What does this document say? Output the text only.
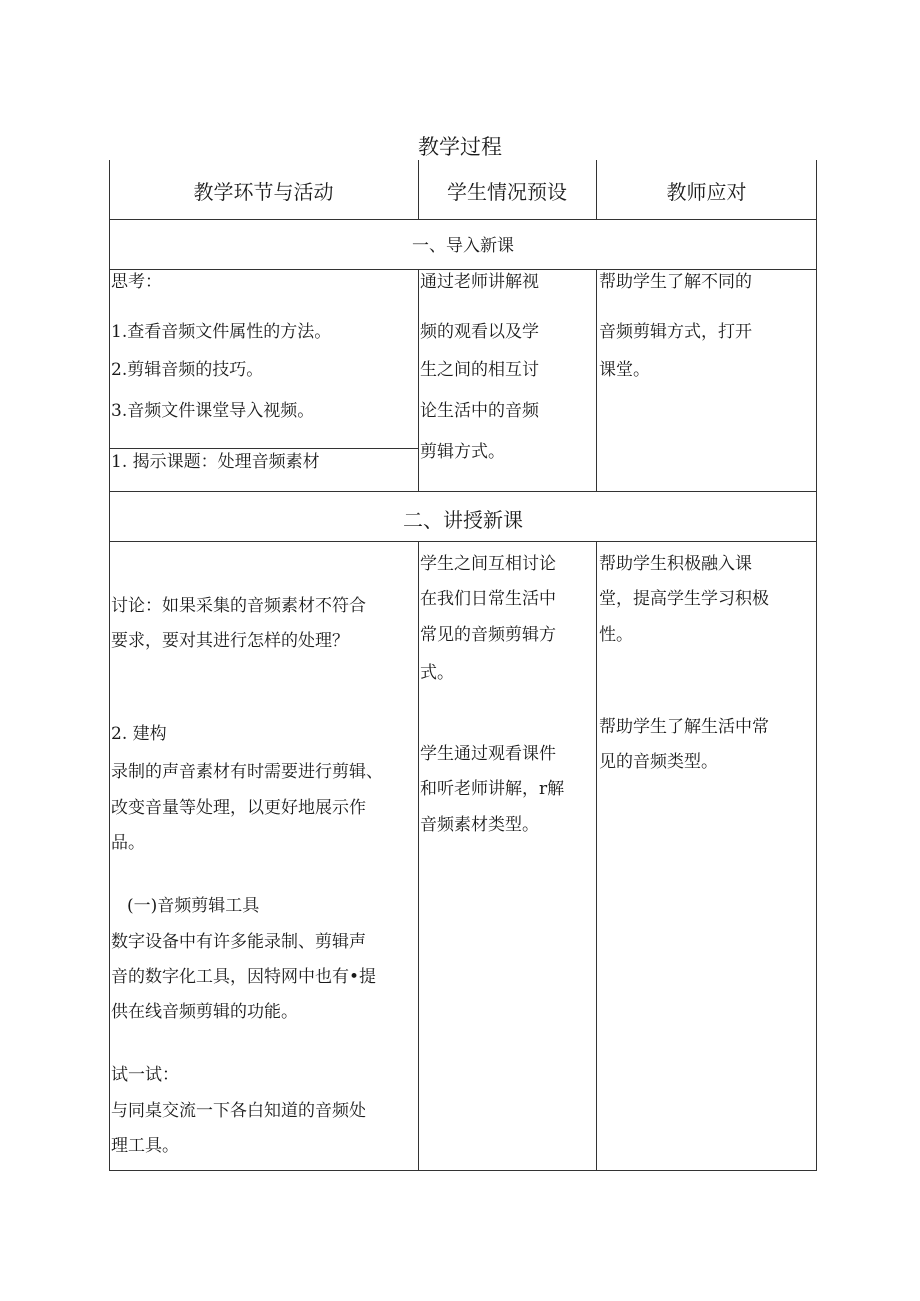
教学过程
教学环节与活动	学生情况预设	教师应对
一、导入新课
思考：
1.查看音频文件属性的方法。
2.剪辑音频的技巧。
3.音频文件课堂导入视频。
1. 揭示课题：处理音频素材
通过老师讲解视
频的观看以及学
生之间的相互讨
论生活中的音频
剪辑方式。
帮助学生了解不同的
音频剪辑方式，打开
课堂。
二、讲授新课
讨论：如果采集的音频素材不符合
要求，要对其进行怎样的处理？
2. 建构
录制的声音素材有时需要进行剪辑、
改变音量等处理，以更好地展示作
品。
(一)音频剪辑工具
数字设备中有许多能录制、剪辑声
音的数字化工具，因特网中也有•提
供在线音频剪辑的功能。
试一试：
与同桌交流一下各白知道的音频处
理工具。
学生之间互相讨论
在我们日常生活中
常见的音频剪辑方
式。
学生通过观看课件
和听老师讲解，r解
音频素材类型。
帮助学生积极融入课
堂，提高学生学习积极
性。
帮助学生了解生活中常
见的音频类型。
